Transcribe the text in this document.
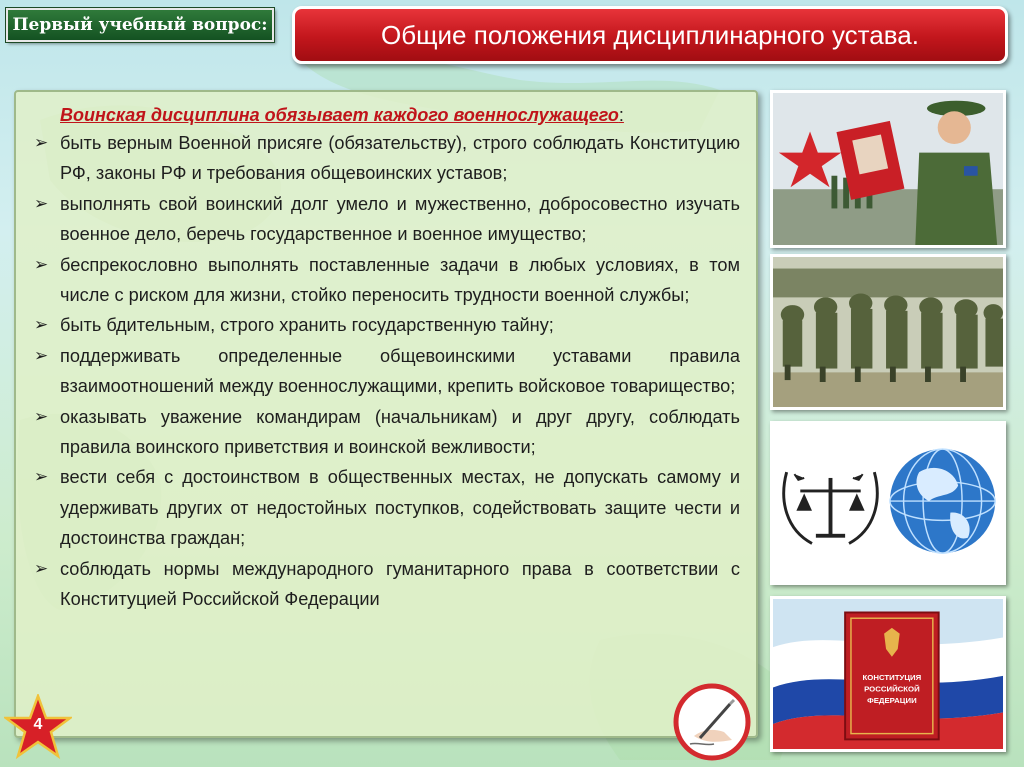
Первый учебный вопрос:	Общие положения дисциплинарного устава.
Воинская дисциплина обязывает каждого военнослужащего:
➢ быть верным Военной присяге (обязательству), строго соблюдать Конституцию РФ, законы РФ и требования общевоинских уставов;
➢ выполнять свой воинский долг умело и мужественно, добросовестно изучать военное дело, беречь государственное и военное имущество;
➢ беспрекословно выполнять поставленные задачи в любых условиях, в том числе с риском для жизни, стойко переносить трудности военной службы;
➢ быть бдительным, строго хранить государственную тайну;
➢ поддерживать определенные общевоинскими уставами правила взаимоотношений между военнослужащими, крепить войсковое товарищество;
➢ оказывать уважение командирам (начальникам) и друг другу, соблюдать правила воинского приветствия и воинской вежливости;
➢ вести себя с достоинством в общественных местах, не допускать самому и удерживать других от недостойных поступков, содействовать защите чести и достоинства граждан;
➢ соблюдать нормы международного гуманитарного права в соответствии с Конституцией Российской Федерации
КОНСТИТУЦИЯ
РОССИЙСКОЙ
ФЕДЕРАЦИИ
4
